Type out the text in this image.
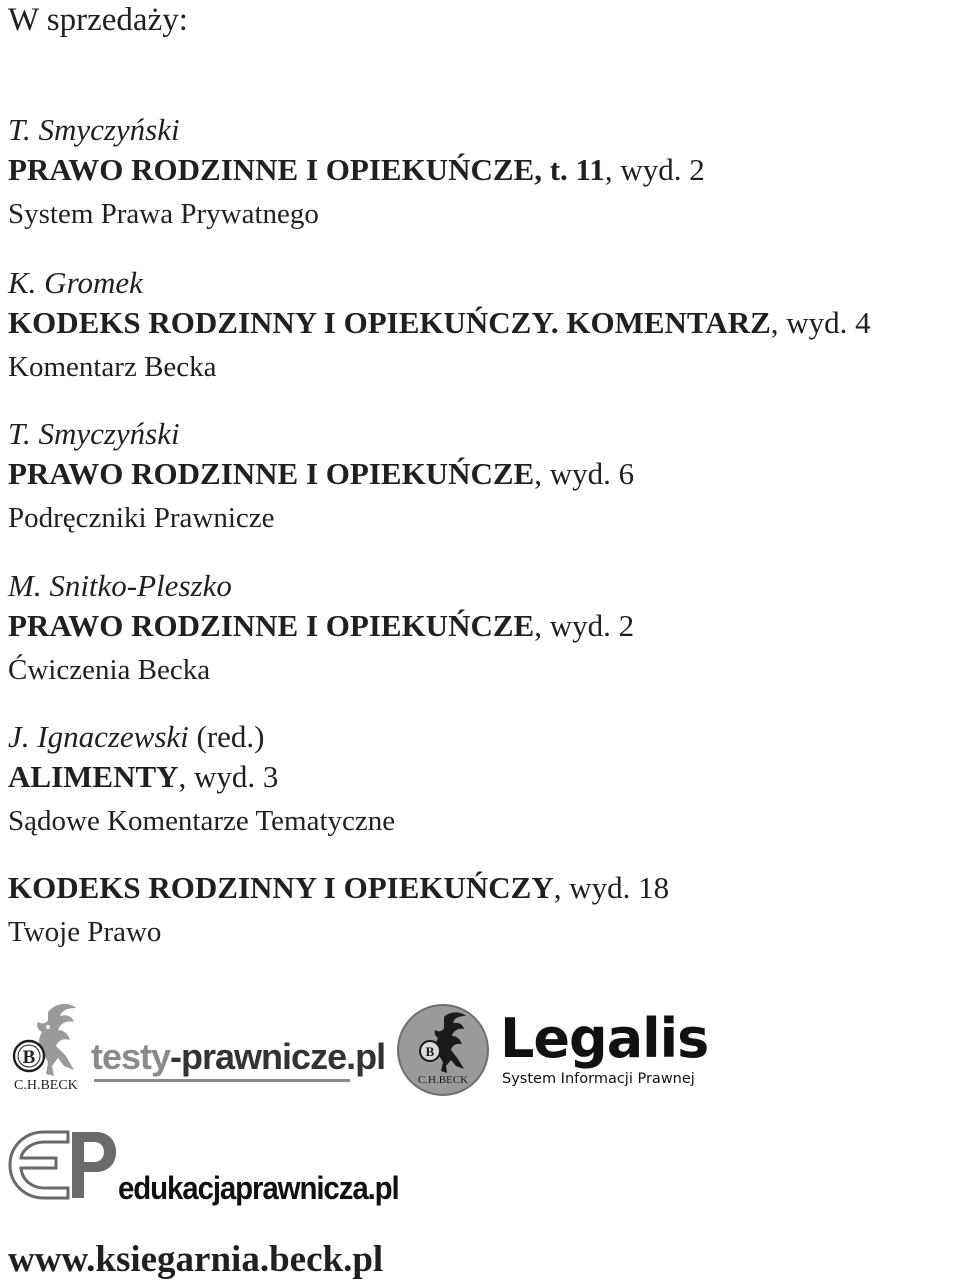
W sprzedaży:
T. Smyczyński
PRAWO RODZINNE I OPIEKUŃCZE, t. 11, wyd. 2
System Prawa Prywatnego
K. Gromek
KODEKS RODZINNY I OPIEKUŃCZY. KOMENTARZ, wyd. 4
Komentarz Becka
T. Smyczyński
PRAWO RODZINNE I OPIEKUŃCZE, wyd. 6
Podręczniki Prawnicze
M. Snitko-Pleszko
PRAWO RODZINNE I OPIEKUŃCZE, wyd. 2
Ćwiczenia Becka
J. Ignaczewski (red.)
ALIMENTY, wyd. 3
Sądowe Komentarze Tematyczne
KODEKS RODZINNY I OPIEKUŃCZY, wyd. 18
Twoje Prawo
B testy-prawnicze.pl
C.H.BECK
B
C.H.BECK
Legalis
System Informacji Prawnej
edukacjaprawnicza.pl
www.ksiegarnia.beck.pl
